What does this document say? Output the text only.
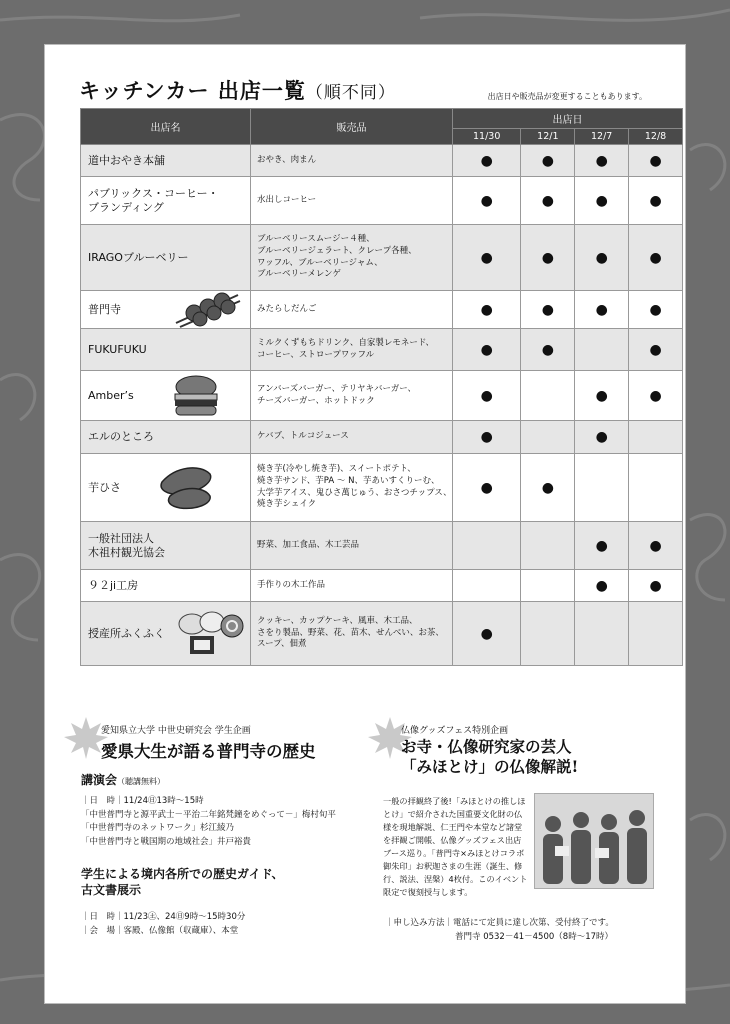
キッチンカー 出店一覧（順不同）	出店日や販売品が変更することもあります。
出店名	販売品	出店日			
		11/30	12/1	12/7	12/8
道中おやき本舗	おやき、肉まん	●	●	●	●
パブリックス・コーヒー・
ブランディング	水出しコーヒー	●	●	●	●
IRAGOブルーベリー	ブルーベリースムージー４種、
ブルーベリージェラート、クレープ各種、
ワッフル、ブルーベリージャム、
ブルーベリーメレンゲ	●	●	●	●
普門寺	みたらしだんご	●	●	●	●
FUKUFUKU	ミルクくずもちドリンク、自家製レモネード、
コーヒー、ストロープワッフル	●	●		●
Amber’s	アンバーズバーガー、テリヤキバーガー、
チーズバーガー、ホットドック	●		●	●
エルのところ	ケバブ、トルコジュース	●		●	
芋ひさ	焼き芋(冷やし焼き芋)、スイートポテト、
焼き芋サンド、芋PA ～ N、芋あいすくりーむ、
大学芋アイス、鬼ひさ萬じゅう、おさつチップス、
焼き芋シェイク	●	●		
一般社団法人
木祖村観光協会	野菜、加工食品、木工芸品			●	●
９２ji工房	手作りの木工作品			●	●
授産所ふくふく	クッキー、カップケーキ、風車、木工品、
さをり製品、野菜、花、苗木、せんべい、お茶、
スープ、佃煮	●			
愛知県立大学 中世史研究会 学生企画
愛県大生が語る普門寺の歴史
講演会（聴講無料）
｜日　時｜11/24㊐13時～15時
「中世普門寺と源平武士－平治二年銘梵鐘をめぐって－」梅村旬平
「中世普門寺のネットワーク」杉江綾乃
「中世普門寺と戦国期の地域社会」井戸裕貴
学生による境内各所での歴史ガイド、
古文書展示
｜日　時｜11/23㊏、24㊐9時～15時30分
｜会　場｜客殿、仏像館（収蔵庫）、本堂
仏像グッズフェス特別企画
お寺・仏像研究家の芸人
「みほとけ」の仏像解説!
一般の拝観終了後!「みほとけの推しほとけ」で紹介された国重要文化財の仏様を現地解説、仁王門や本堂など諸堂を拝観ご開帳、仏像グッズフェス出店ブース巡り。「普門寺×みほとけコラボ御朱印」お釈迦さまの生涯（誕生、修行、説法、涅槃）4枚付。このイベント限定で復刻授与します。
｜申し込み方法｜電話にて定員に達し次第、受付終了です。
普門寺 0532－41－4500（8時～17時）
